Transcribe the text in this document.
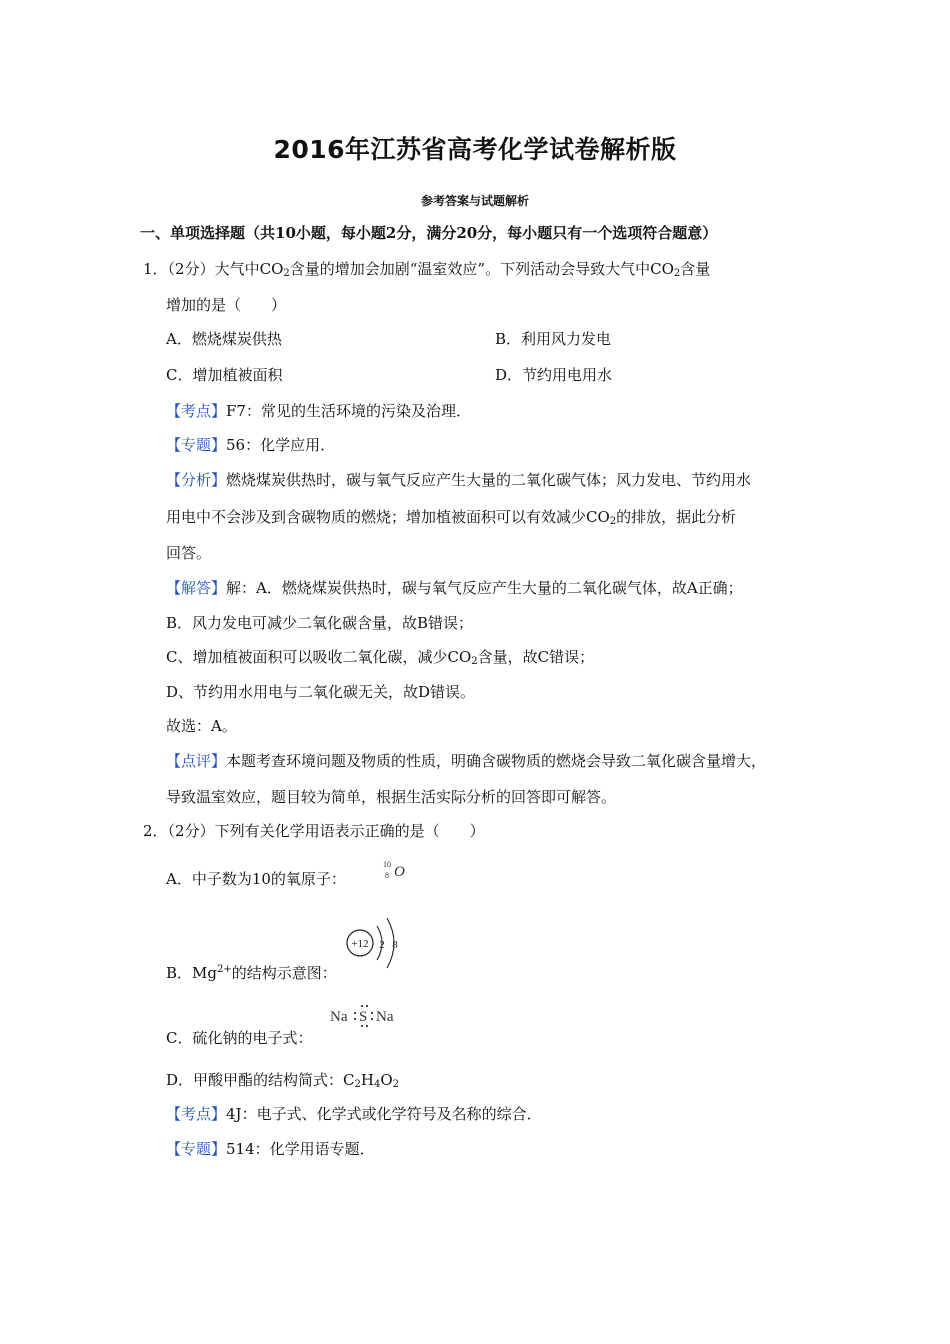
2016年江苏省高考化学试卷解析版
参考答案与试题解析
一、单项选择题（共10小题，每小题2分，满分20分，每小题只有一个选项符合题意）
1．（2分）大气中$CO_2$含量的增加会加剧“温室效应”。下列活动会导致大气中$CO_2$含量
增加的是（　　）
A．燃烧煤炭供热	B．利用风力发电
C．增加植被面积	D．节约用电用水
【考点】F7：常见的生活环境的污染及治理．
【专题】56：化学应用．
【分析】燃烧煤炭供热时，碳与氧气反应产生大量的二氧化碳气体；风力发电、节约用水
用电中不会涉及到含碳物质的燃烧；增加植被面积可以有效减少$CO_2$的排放，据此分析
回答。
【解答】解：A．燃烧煤炭供热时，碳与氧气反应产生大量的二氧化碳气体，故A正确；
B．风力发电可减少二氧化碳含量，故B错误；
C、增加植被面积可以吸收二氧化碳，减少$CO_2$含量，故C错误；
D、节约用水用电与二氧化碳无关，故D错误。
故选：A。
【点评】本题考查环境问题及物质的性质，明确含碳物质的燃烧会导致二氧化碳含量增大，
导致温室效应，题目较为简单，根据生活实际分析的回答即可解答。
2．（2分）下列有关化学用语表示正确的是（　　）
A．中子数为10的氧原子：
10
8 O
B．$Mg^{2+}$的结构示意图：
+12 2 8
C．硫化钠的电子式：
Na S Na
D．甲酸甲酯的结构简式：$C_2H_4O_2$
【考点】4J：电子式、化学式或化学符号及名称的综合．
【专题】514：化学用语专题．
